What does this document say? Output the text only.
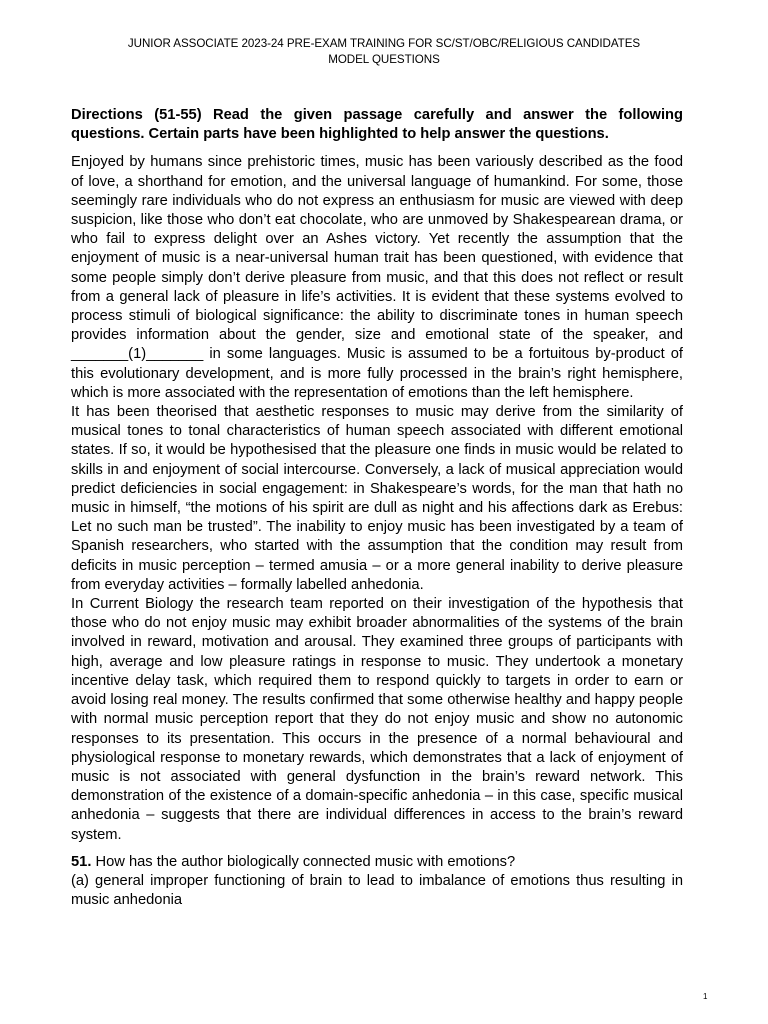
JUNIOR ASSOCIATE 2023-24 PRE-EXAM TRAINING FOR SC/ST/OBC/RELIGIOUS CANDIDATES
MODEL QUESTIONS

Directions (51-55) Read the given passage carefully and answer the following questions. Certain parts have been highlighted to help answer the questions.

Enjoyed by humans since prehistoric times, music has been variously described as the food of love, a shorthand for emotion, and the universal language of humankind. For some, those seemingly rare individuals who do not express an enthusiasm for music are viewed with deep suspicion, like those who don’t eat chocolate, who are unmoved by Shakespearean drama, or who fail to express delight over an Ashes victory. Yet recently the assumption that the enjoyment of music is a near-universal human trait has been questioned, with evidence that some people simply don’t derive pleasure from music, and that this does not reflect or result from a general lack of pleasure in life’s activities. It is evident that these systems evolved to process stimuli of biological significance: the ability to discriminate tones in human speech provides information about the gender, size and emotional state of the speaker, and _______(1)_______ in some languages. Music is assumed to be a fortuitous by-product of this evolutionary development, and is more fully processed in the brain’s right hemisphere, which is more associated with the representation of emotions than the left hemisphere.

It has been theorised that aesthetic responses to music may derive from the similarity of musical tones to tonal characteristics of human speech associated with different emotional states. If so, it would be hypothesised that the pleasure one finds in music would be related to skills in and enjoyment of social intercourse. Conversely, a lack of musical appreciation would predict deficiencies in social engagement: in Shakespeare’s words, for the man that hath no music in himself, “the motions of his spirit are dull as night and his affections dark as Erebus: Let no such man be trusted”. The inability to enjoy music has been investigated by a team of Spanish researchers, who started with the assumption that the condition may result from deficits in music perception – termed amusia – or a more general inability to derive pleasure from everyday activities – formally labelled anhedonia.

In Current Biology the research team reported on their investigation of the hypothesis that those who do not enjoy music may exhibit broader abnormalities of the systems of the brain involved in reward, motivation and arousal. They examined three groups of participants with high, average and low pleasure ratings in response to music. They undertook a monetary incentive delay task, which required them to respond quickly to targets in order to earn or avoid losing real money. The results confirmed that some otherwise healthy and happy people with normal music perception report that they do not enjoy music and show no autonomic responses to its presentation. This occurs in the presence of a normal behavioural and physiological response to monetary rewards, which demonstrates that a lack of enjoyment of music is not associated with general dysfunction in the brain’s reward network. This demonstration of the existence of a domain-specific anhedonia – in this case, specific musical anhedonia – suggests that there are individual differences in access to the brain’s reward system.

51. How has the author biologically connected music with emotions?

(a) general improper functioning of brain to lead to imbalance of emotions thus resulting in music anhedonia

1
